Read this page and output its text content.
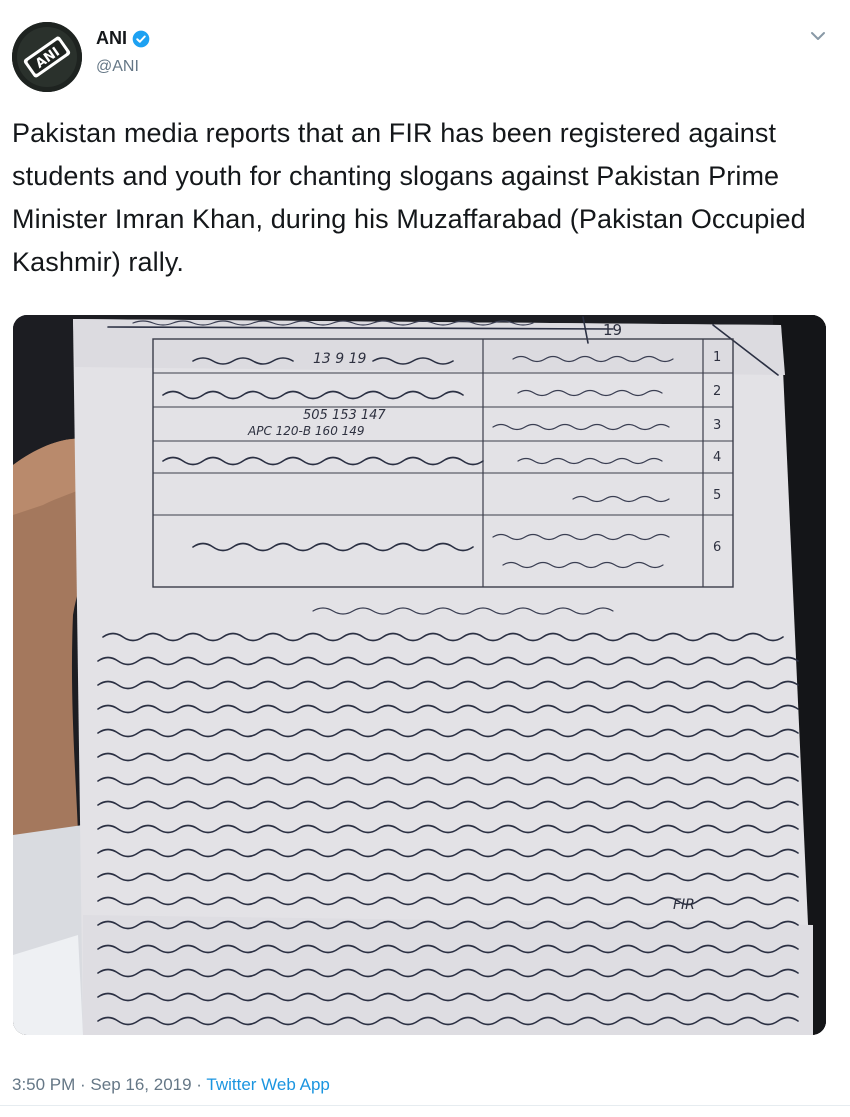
ANI
ANI
@ANI

Pakistan media reports that an FIR has been registered against students and youth for chanting slogans against Pakistan Prime Minister Imran Khan, during his Muzaffarabad (Pakistan Occupied Kashmir) rally.

19
1
2
3
4
5
6
13 9 19
505 153 147
APC 120-B 160 149
FIR
3:50 PM · Sep 16, 2019 · Twitter Web App
